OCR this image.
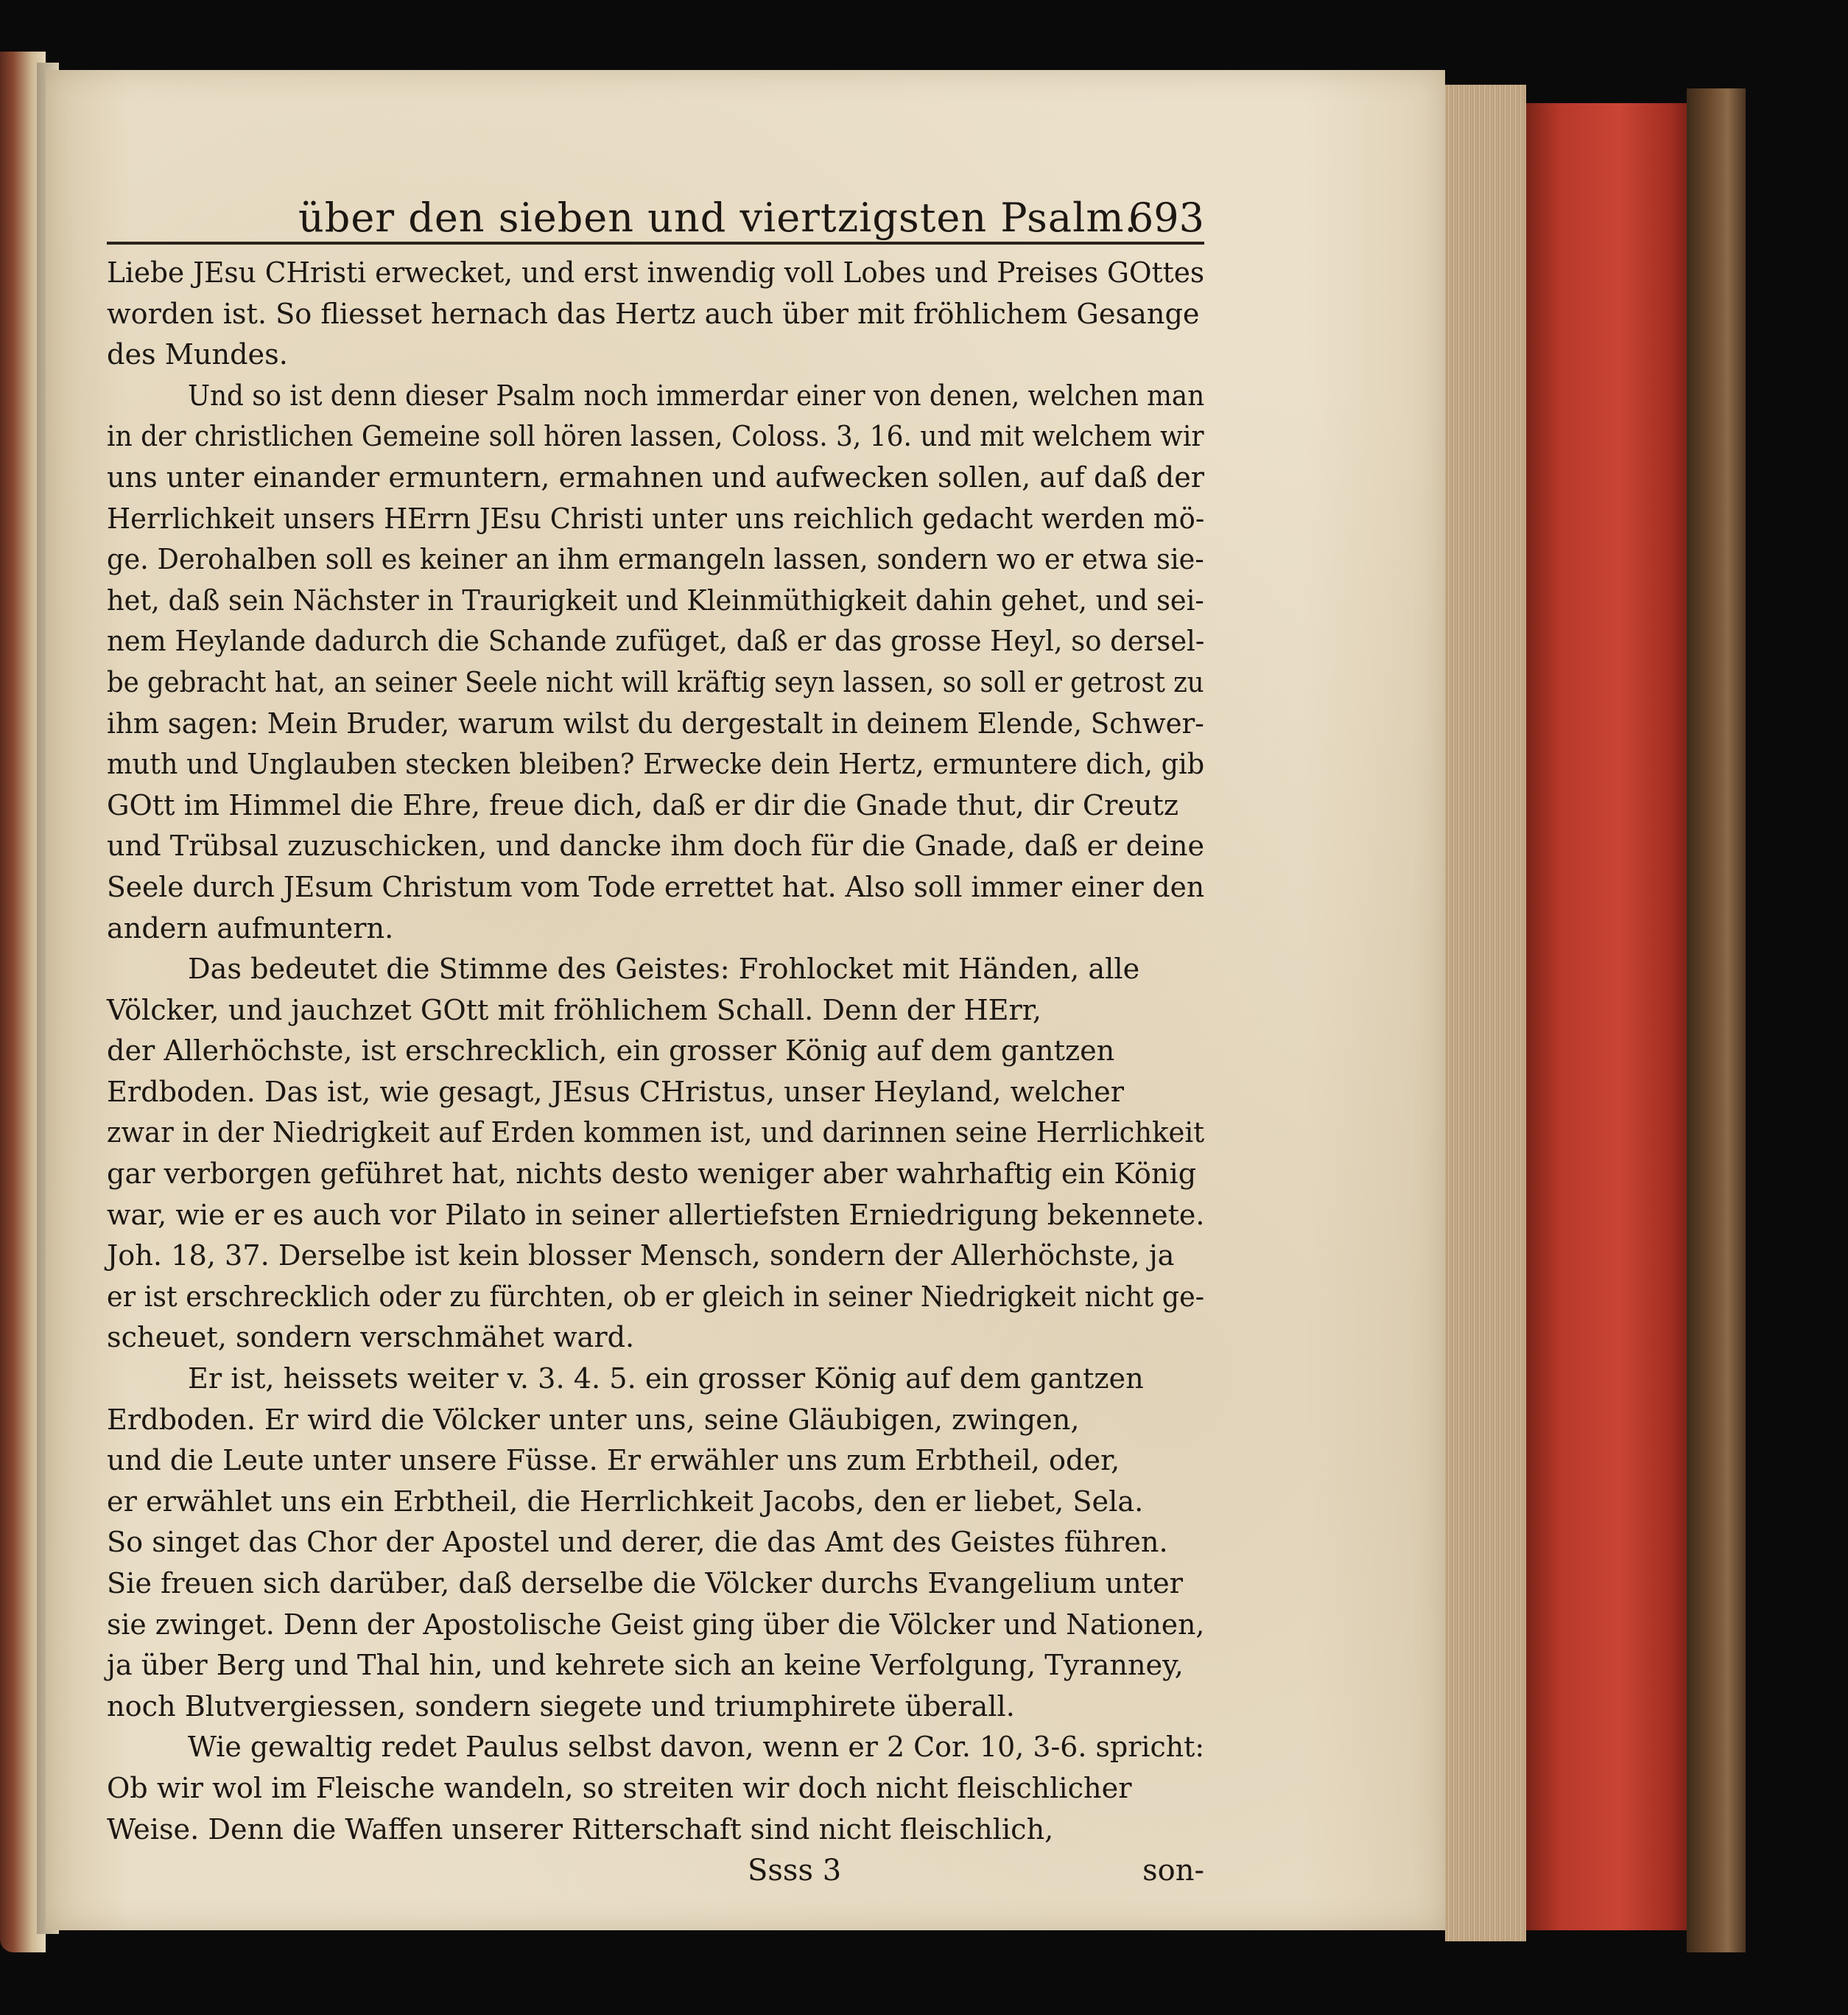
über den sieben und viertzigsten Psalm.
693
Liebe JEsu CHristi erwecket, und erst inwendig voll Lobes und Preises GOttes
worden ist. So fliesset hernach das Hertz auch über mit fröhlichem Gesange
des Mundes.
Und so ist denn dieser Psalm noch immerdar einer von denen, welchen man
in der christlichen Gemeine soll hören lassen, Coloss. 3, 16. und mit welchem wir
uns unter einander ermuntern, ermahnen und aufwecken sollen, auf daß der
Herrlichkeit unsers HErrn JEsu Christi unter uns reichlich gedacht werden mö-
ge. Derohalben soll es keiner an ihm ermangeln lassen, sondern wo er etwa sie-
het, daß sein Nächster in Traurigkeit und Kleinmüthigkeit dahin gehet, und sei-
nem Heylande dadurch die Schande zufüget, daß er das grosse Heyl, so dersel-
be gebracht hat, an seiner Seele nicht will kräftig seyn lassen, so soll er getrost zu
ihm sagen: Mein Bruder, warum wilst du dergestalt in deinem Elende, Schwer-
muth und Unglauben stecken bleiben? Erwecke dein Hertz, ermuntere dich, gib
GOtt im Himmel die Ehre, freue dich, daß er dir die Gnade thut, dir Creutz
und Trübsal zuzuschicken, und dancke ihm doch für die Gnade, daß er deine
Seele durch JEsum Christum vom Tode errettet hat. Also soll immer einer den
andern aufmuntern.
Das bedeutet die Stimme des Geistes: Frohlocket mit Händen, alle
Völcker, und jauchzet GOtt mit fröhlichem Schall. Denn der HErr,
der Allerhöchste, ist erschrecklich, ein grosser König auf dem gantzen
Erdboden. Das ist, wie gesagt, JEsus CHristus, unser Heyland, welcher
zwar in der Niedrigkeit auf Erden kommen ist, und darinnen seine Herrlichkeit
gar verborgen geführet hat, nichts desto weniger aber wahrhaftig ein König
war, wie er es auch vor Pilato in seiner allertiefsten Erniedrigung bekennete.
Joh. 18, 37. Derselbe ist kein blosser Mensch, sondern der Allerhöchste, ja
er ist erschrecklich oder zu fürchten, ob er gleich in seiner Niedrigkeit nicht ge-
scheuet, sondern verschmähet ward.
Er ist, heissets weiter v. 3. 4. 5. ein grosser König auf dem gantzen
Erdboden. Er wird die Völcker unter uns, seine Gläubigen, zwingen,
und die Leute unter unsere Füsse. Er erwähler uns zum Erbtheil, oder,
er erwählet uns ein Erbtheil, die Herrlichkeit Jacobs, den er liebet, Sela.
So singet das Chor der Apostel und derer, die das Amt des Geistes führen.
Sie freuen sich darüber, daß derselbe die Völcker durchs Evangelium unter
sie zwinget. Denn der Apostolische Geist ging über die Völcker und Nationen,
ja über Berg und Thal hin, und kehrete sich an keine Verfolgung, Tyranney,
noch Blutvergiessen, sondern siegete und triumphirete überall.
Wie gewaltig redet Paulus selbst davon, wenn er 2 Cor. 10, 3-6. spricht:
Ob wir wol im Fleische wandeln, so streiten wir doch nicht fleischlicher
Weise. Denn die Waffen unserer Ritterschaft sind nicht fleischlich,
Ssss 3	son-
